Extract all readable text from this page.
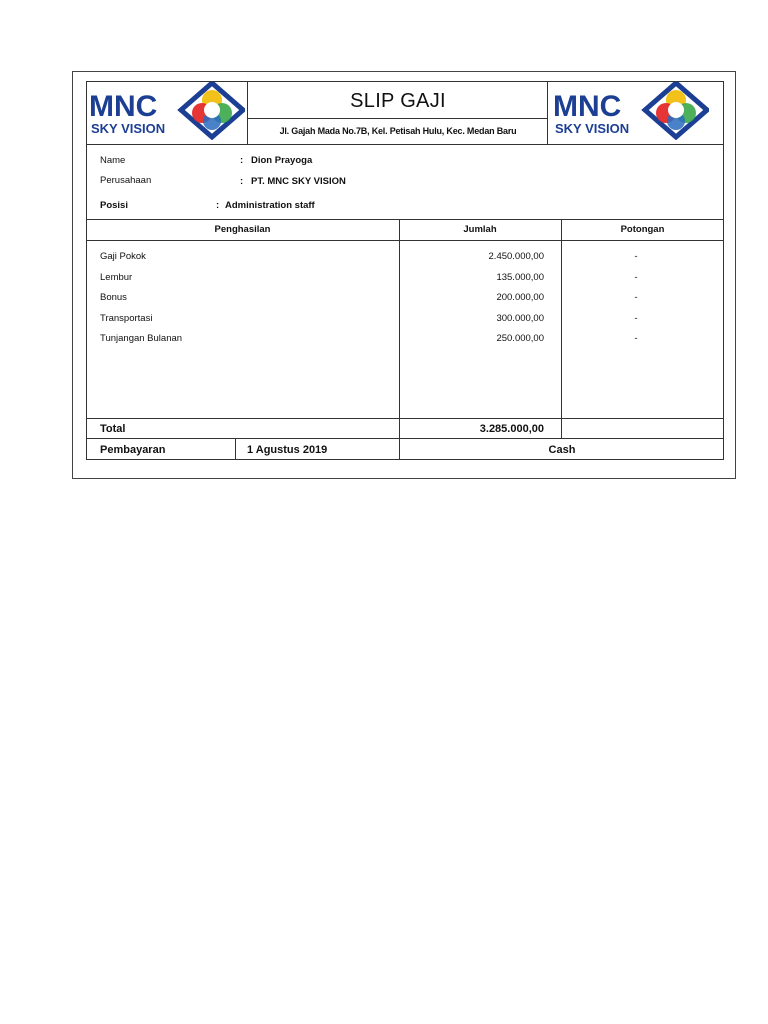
MNC
SKY VISION
MNC
SKY VISION
SLIP GAJI
Jl. Gajah Mada No.7B, Kel. Petisah Hulu, Kec. Medan Baru
Name	: Dion Prayoga
Perusahaan	: PT. MNC SKY VISION
Posisi	: Administration staff
Penghasilan	Jumlah	Potongan
Gaji Pokok	2.450.000,00	-
Lembur	135.000,00	-
Bonus	200.000,00	-
Transportasi	300.000,00	-
Tunjangan Bulanan	250.000,00	-
Total	3.285.000,00
Pembayaran	1 Agustus 2019	Cash
